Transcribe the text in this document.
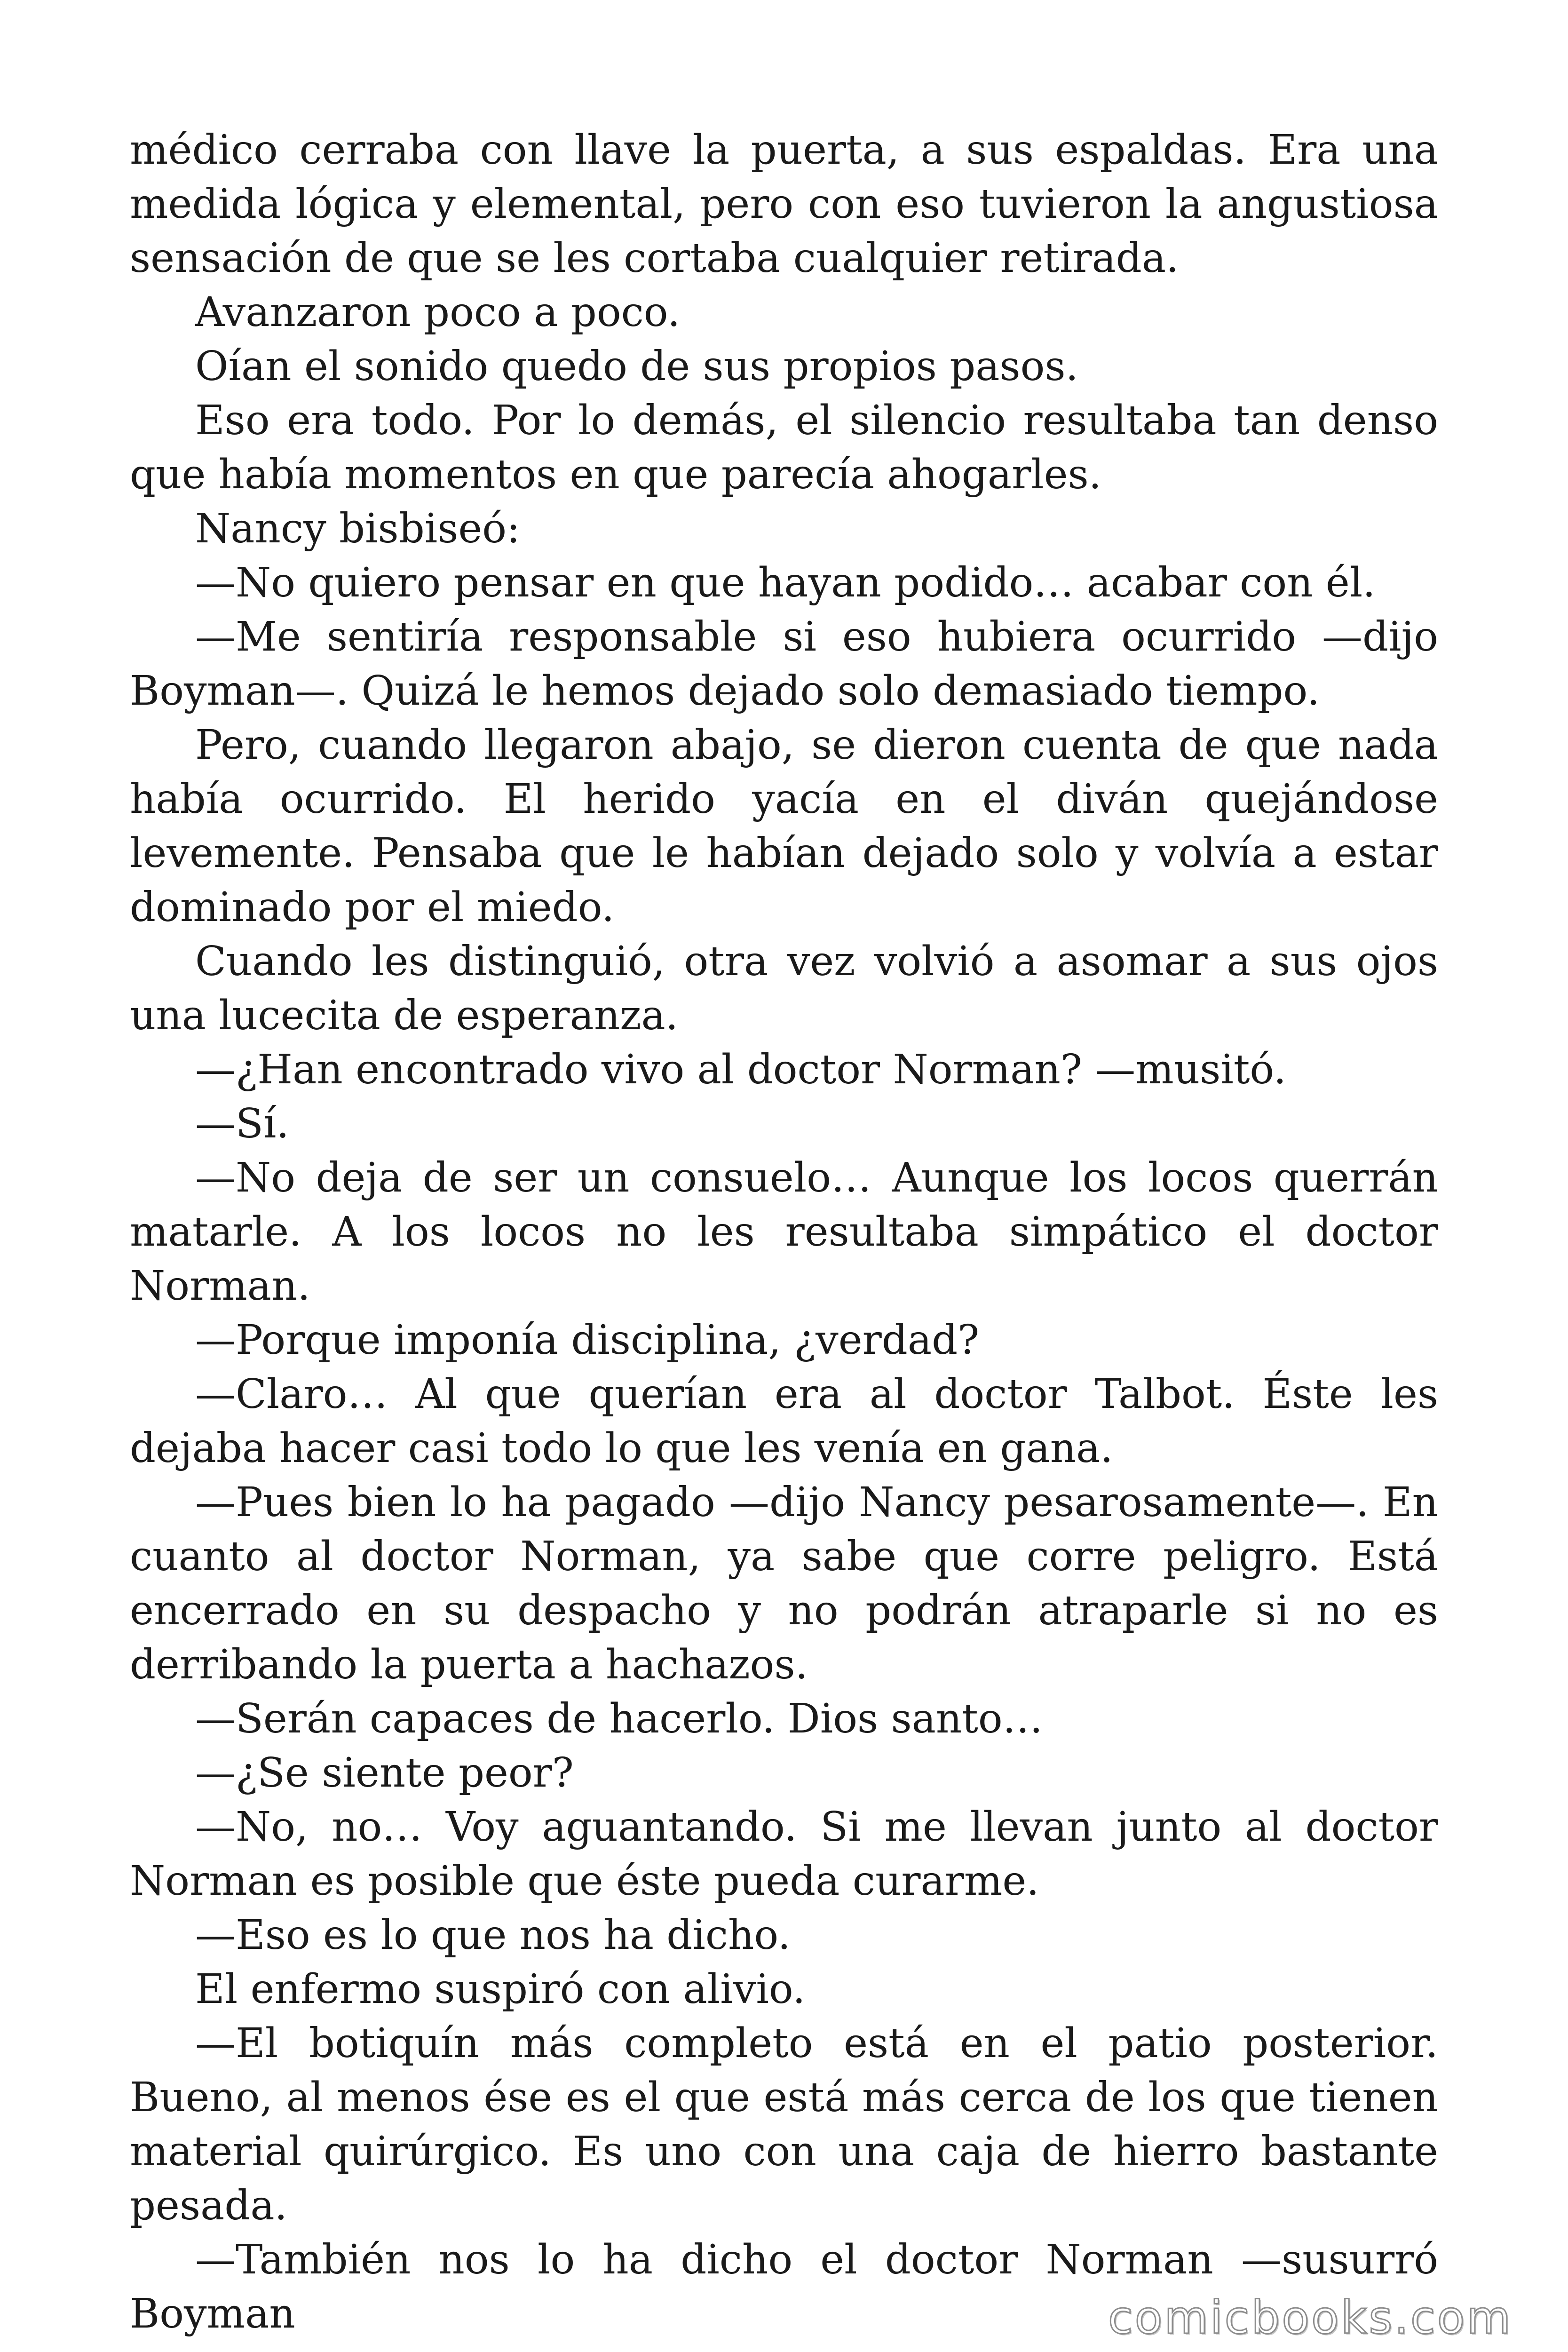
médico cerraba con llave la puerta, a sus espaldas. Era una medida lógica y elemental, pero con eso tuvieron la angustiosa sensación de que se les cortaba cualquier retirada.

Avanzaron poco a poco.

Oían el sonido quedo de sus propios pasos.

Eso era todo. Por lo demás, el silencio resultaba tan denso que había momentos en que parecía ahogarles.

Nancy bisbiseó:

—No quiero pensar en que hayan podido… acabar con él.

—Me sentiría responsable si eso hubiera ocurrido —dijo Boyman—. Quizá le hemos dejado solo demasiado tiempo.

Pero, cuando llegaron abajo, se dieron cuenta de que nada había ocurrido. El herido yacía en el diván quejándose levemente. Pensaba que le habían dejado solo y volvía a estar dominado por el miedo.

Cuando les distinguió, otra vez volvió a asomar a sus ojos una lucecita de esperanza.

—¿Han encontrado vivo al doctor Norman? —musitó.

—Sí.

—No deja de ser un consuelo… Aunque los locos querrán matarle. A los locos no les resultaba simpático el doctor Norman.

—Porque imponía disciplina, ¿verdad?

—Claro… Al que querían era al doctor Talbot. Éste les dejaba hacer casi todo lo que les venía en gana.

—Pues bien lo ha pagado —dijo Nancy pesarosamente—. En cuanto al doctor Norman, ya sabe que corre peligro. Está encerrado en su despacho y no podrán atraparle si no es derribando la puerta a hachazos.

—Serán capaces de hacerlo. Dios santo…

—¿Se siente peor?

—No, no… Voy aguantando. Si me llevan junto al doctor Norman es posible que éste pueda curarme.

—Eso es lo que nos ha dicho.

El enfermo suspiró con alivio.

—El botiquín más completo está en el patio posterior. Bueno, al menos ése es el que está más cerca de los que tienen material quirúrgico. Es uno con una caja de hierro bastante pesada.

—También nos lo ha dicho el doctor Norman —susurró Boyman	comicbooks.com
